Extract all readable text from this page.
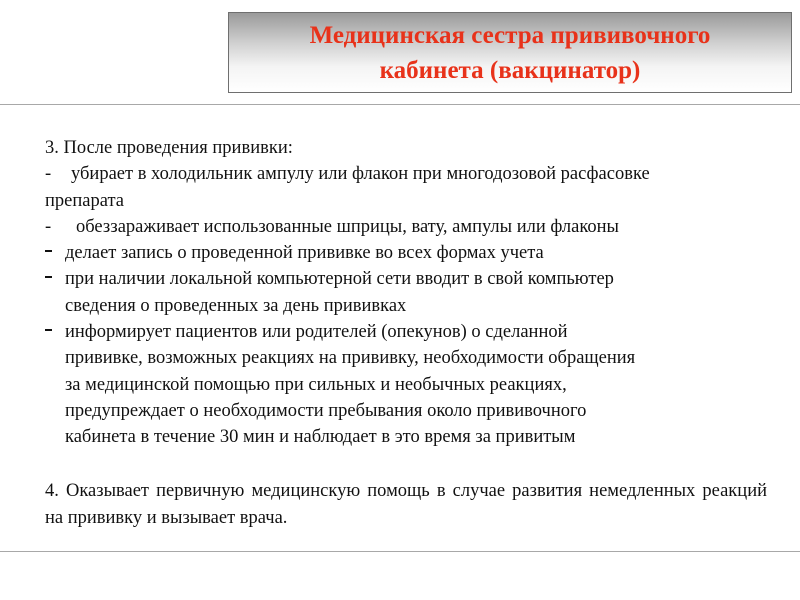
Медицинская сестра прививочного
кабинета (вакцинатор)
3. После проведения прививки:
- убирает в холодильник ампулу или флакон при многодозовой расфасовке
препарата
- обеззараживает использованные шприцы, вату, ампулы или флаконы
делает запись о проведенной прививке во всех формах учета
при наличии локальной компьютерной сети вводит в свой компьютер
сведения о проведенных за день прививках
информирует пациентов или родителей (опекунов) о сделанной
прививке, возможных реакциях на прививку, необходимости обращения
за медицинской помощью при сильных и необычных реакциях,
предупреждает о необходимости пребывания около прививочного
кабинета в течение 30 мин и наблюдает в это время за привитым
4. Оказывает первичную медицинскую помощь в случае развития немедленных реакций на прививку и вызывает врача.
